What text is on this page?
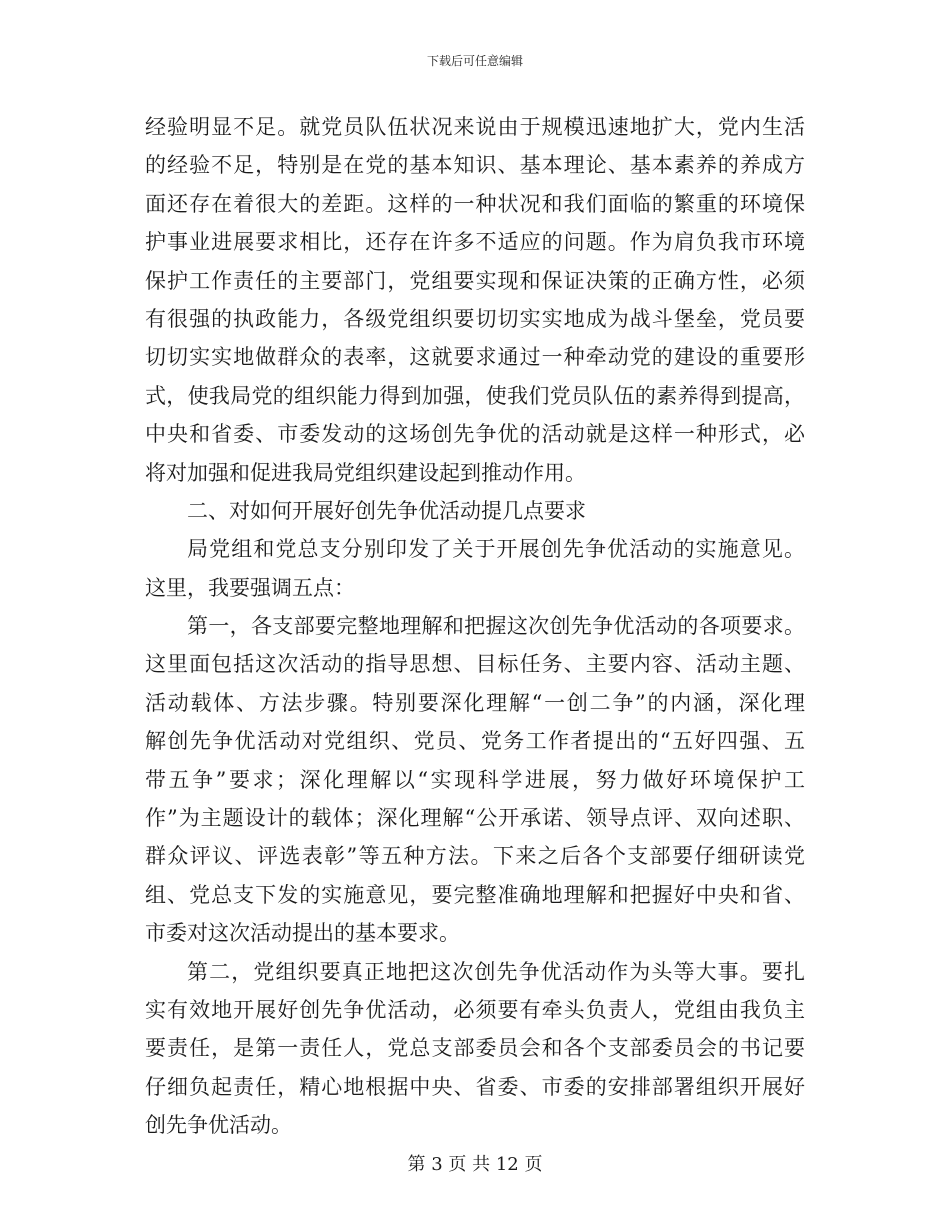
下载后可任意编辑
经验明显不足。就党员队伍状况来说由于规模迅速地扩大，党内生活
的经验不足，特别是在党的基本知识、基本理论、基本素养的养成方
面还存在着很大的差距。这样的一种状况和我们面临的繁重的环境保
护事业进展要求相比，还存在许多不适应的问题。作为肩负我市环境
保护工作责任的主要部门，党组要实现和保证决策的正确方性，必须
有很强的执政能力，各级党组织要切切实实地成为战斗堡垒，党员要
切切实实地做群众的表率，这就要求通过一种牵动党的建设的重要形
式，使我局党的组织能力得到加强，使我们党员队伍的素养得到提高，
中央和省委、市委发动的这场创先争优的活动就是这样一种形式，必
将对加强和促进我局党组织建设起到推动作用。
二、对如何开展好创先争优活动提几点要求
局党组和党总支分别印发了关于开展创先争优活动的实施意见。
这里，我要强调五点：
第一，各支部要完整地理解和把握这次创先争优活动的各项要求。
这里面包括这次活动的指导思想、目标任务、主要内容、活动主题、
活动载体、方法步骤。特别要深化理解“一创二争”的内涵，深化理
解创先争优活动对党组织、党员、党务工作者提出的“五好四强、五
带五争”要求；深化理解以“实现科学进展，努力做好环境保护工
作”为主题设计的载体；深化理解“公开承诺、领导点评、双向述职、
群众评议、评选表彰”等五种方法。下来之后各个支部要仔细研读党
组、党总支下发的实施意见，要完整准确地理解和把握好中央和省、
市委对这次活动提出的基本要求。
第二，党组织要真正地把这次创先争优活动作为头等大事。要扎
实有效地开展好创先争优活动，必须要有牵头负责人，党组由我负主
要责任，是第一责任人，党总支部委员会和各个支部委员会的书记要
仔细负起责任，精心地根据中央、省委、市委的安排部署组织开展好
创先争优活动。
第 3 页 共 12 页
